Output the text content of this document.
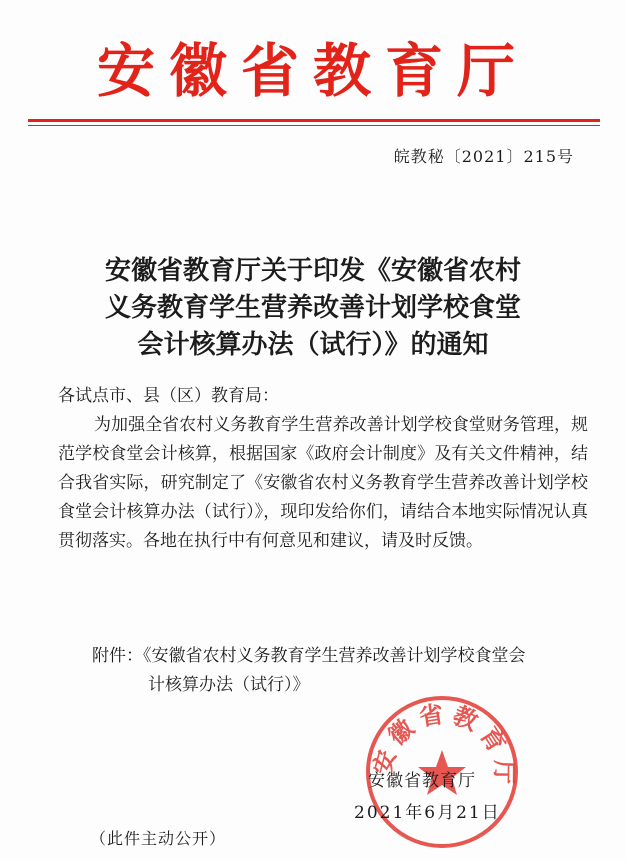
安徽省教育厅
皖教秘〔2021〕215号
安徽省教育厅关于印发《安徽省农村
义务教育学生营养改善计划学校食堂
会计核算办法（试行）》的通知
各试点市、县（区）教育局：
为加强全省农村义务教育学生营养改善计划学校食堂财务管理，规范学校食堂会计核算，根据国家《政府会计制度》及有关文件精神，结合我省实际，研究制定了《安徽省农村义务教育学生营养改善计划学校食堂会计核算办法（试行）》，现印发给你们，请结合本地实际情况认真贯彻落实。各地在执行中有何意见和建议，请及时反馈。
附件：《安徽省农村义务教育学生营养改善计划学校食堂会
计核算办法（试行）》
安徽省教育厅
安徽省教育厅
2021年6月21日
（此件主动公开）
